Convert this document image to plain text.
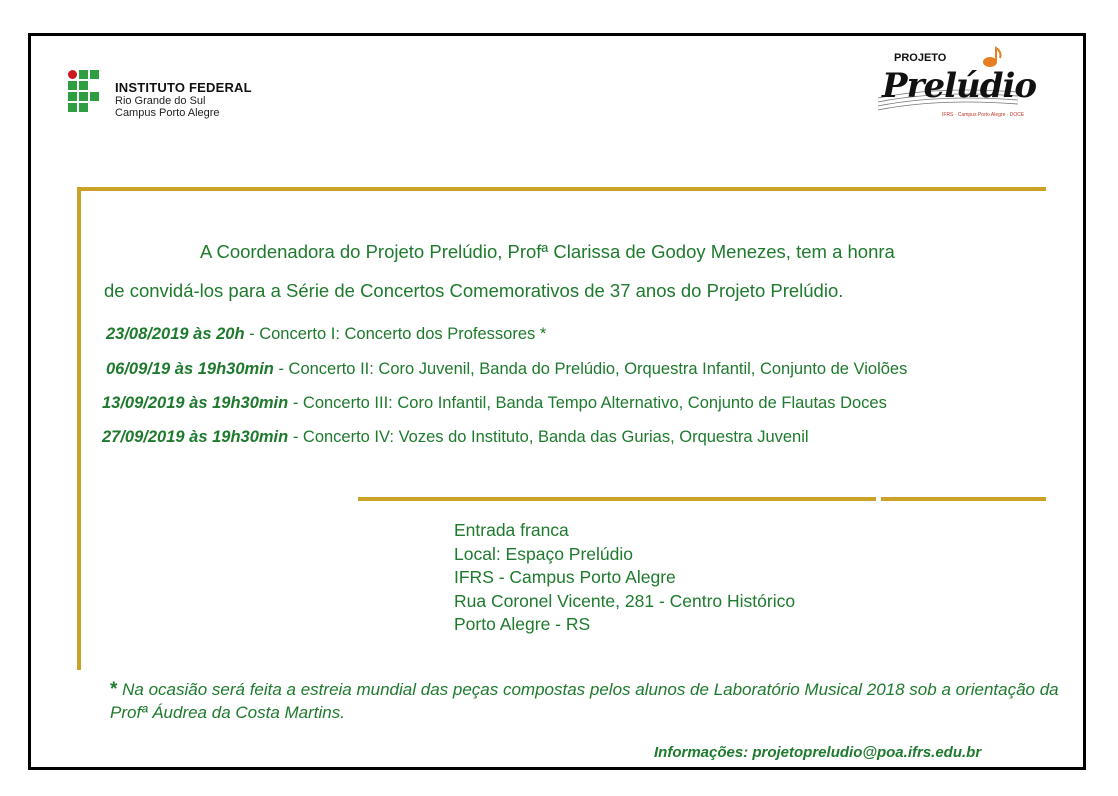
INSTITUTO FEDERAL
Rio Grande do Sul
Campus Porto Alegre
PROJETO
Prelúdio
IFRS · Campus Porto Alegre · DOCE
A Coordenadora do Projeto Prelúdio, Profª Clarissa de Godoy Menezes, tem a honra
de convidá-los para a Série de Concertos Comemorativos de 37 anos do Projeto Prelúdio.
23/08/2019 às 20h - Concerto I: Concerto dos Professores *
06/09/19 às 19h30min - Concerto II: Coro Juvenil, Banda do Prelúdio, Orquestra Infantil, Conjunto de Violões
13/09/2019 às 19h30min - Concerto III: Coro Infantil, Banda Tempo Alternativo, Conjunto de Flautas Doces
27/09/2019 às 19h30min - Concerto IV: Vozes do Instituto, Banda das Gurias, Orquestra Juvenil
Entrada franca
Local: Espaço Prelúdio
IFRS - Campus Porto Alegre
Rua Coronel Vicente, 281 - Centro Histórico
Porto Alegre - RS
* Na ocasião será feita a estreia mundial das peças compostas pelos alunos de Laboratório Musical 2018 sob a orientação da Profª Áudrea da Costa Martins.
Informações: projetopreludio@poa.ifrs.edu.br
